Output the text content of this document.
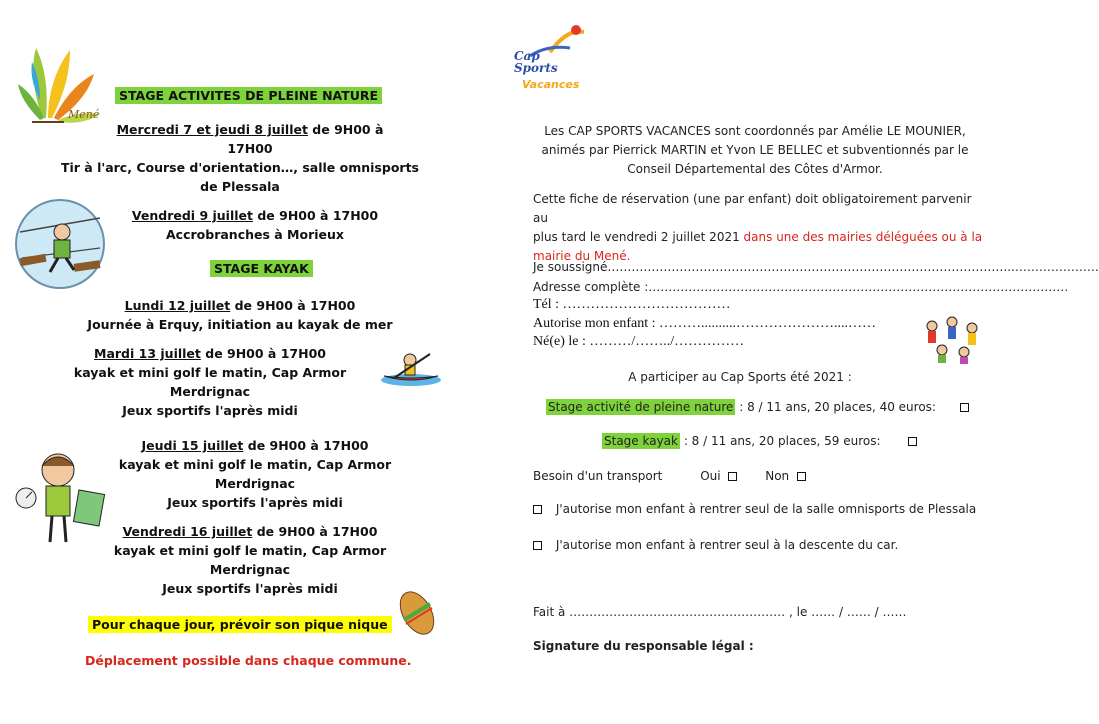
Mené
STAGE ACTIVITES DE PLEINE NATURE
Mercredi 7 et jeudi 8 juillet de 9H00 à
17H00
Tir à l'arc, Course d'orientation…, salle omnisports
de Plessala
Vendredi 9 juillet de 9H00 à 17H00
Accrobranches à Morieux
STAGE KAYAK
Lundi 12 juillet de 9H00 à 17H00
Journée à Erquy, initiation au kayak de mer
Mardi 13 juillet de 9H00 à 17H00
kayak et mini golf le matin, Cap Armor
Merdrignac
Jeux sportifs l'après midi
Jeudi 15 juillet de 9H00 à 17H00
kayak et mini golf le matin, Cap Armor
Merdrignac
Jeux sportifs l'après midi
Vendredi 16 juillet de 9H00 à 17H00
kayak et mini golf le matin, Cap Armor
Merdrignac
Jeux sportifs l'après midi
Pour chaque jour, prévoir son pique nique
Déplacement possible dans chaque commune.
Cap
Sports
Vacances
Les CAP SPORTS VACANCES sont coordonnés par Amélie LE MOUNIER,
animés par Pierrick MARTIN et Yvon LE BELLEC et subventionnés par le
Conseil Départemental des Côtes d'Armor.
Cette fiche de réservation (une par enfant) doit obligatoirement parvenir au
plus tard le vendredi 2 juillet 2021 dans une des mairies déléguées ou à la
mairie du Mené.
Je soussigné………………………………………………………………………………………...…………………
Adresse complète :……………………………………………………………………………………………
Tél : ………………………………
Autorise mon enfant : ………..........…………………....……
Né(e) le : ………/……../……………
A participer au Cap Sports été 2021 :
Stage activité de pleine nature : 8 / 11 ans, 20 places, 40 euros:
Stage kayak : 8 / 11 ans, 20 places, 59 euros:
Besoin d'un transport	Oui	Non
J'autorise mon enfant à rentrer seul de la salle omnisports de Plessala
J'autorise mon enfant à rentrer seul à la descente du car.
Fait à ……………………………………………… , le …… / …… / ……
Signature du responsable légal :
